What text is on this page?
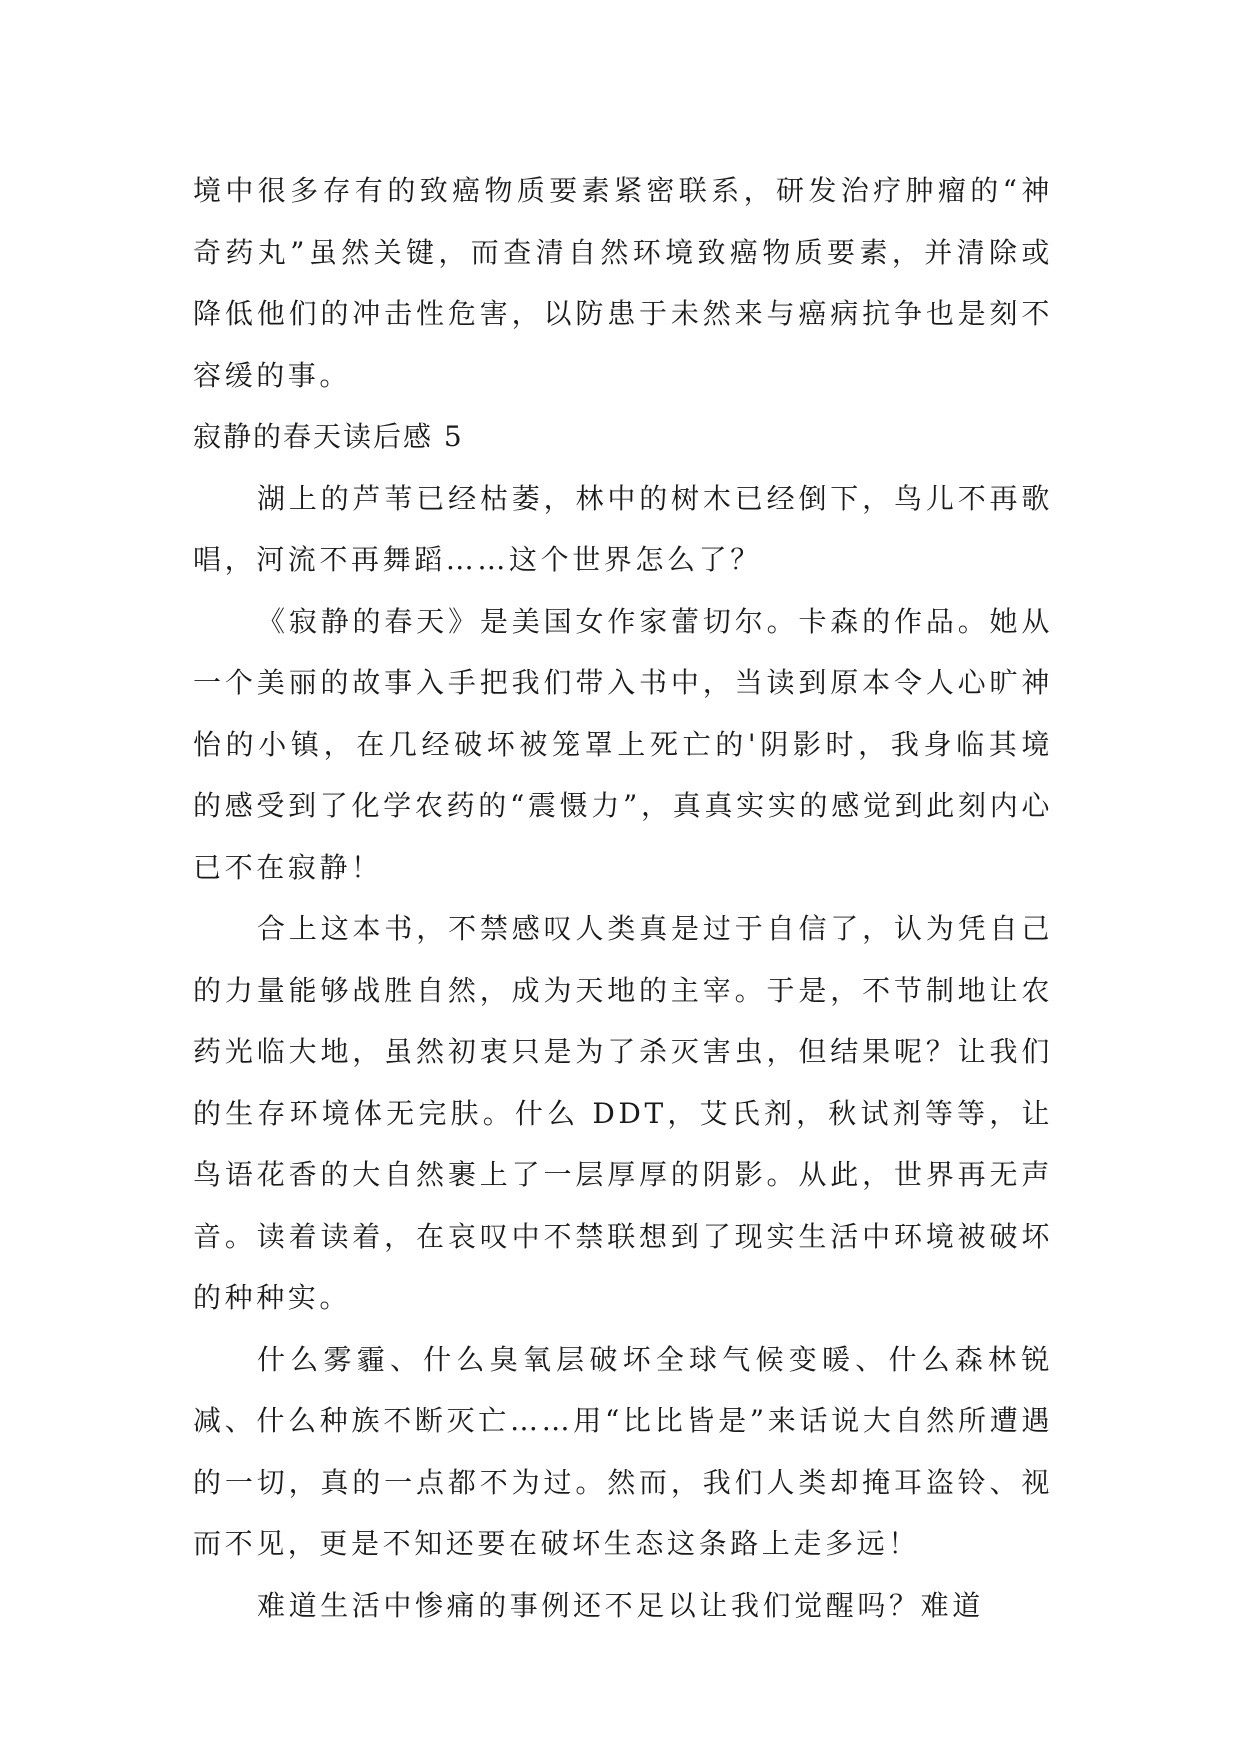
境中很多存有的致癌物质要素紧密联系，研发治疗肿瘤的“神奇药丸”虽然关键，而查清自然环境致癌物质要素，并清除或降低他们的冲击性危害，以防患于未然来与癌病抗争也是刻不容缓的事。

寂静的春天读后感 5

湖上的芦苇已经枯萎，林中的树木已经倒下，鸟儿不再歌唱，河流不再舞蹈……这个世界怎么了？

《寂静的春天》是美国女作家蕾切尔。卡森的作品。她从一个美丽的故事入手把我们带入书中，当读到原本令人心旷神怡的小镇，在几经破坏被笼罩上死亡的'阴影时，我身临其境的感受到了化学农药的“震慑力”，真真实实的感觉到此刻内心已不在寂静！

合上这本书，不禁感叹人类真是过于自信了，认为凭自己的力量能够战胜自然，成为天地的主宰。于是，不节制地让农药光临大地，虽然初衷只是为了杀灭害虫，但结果呢？让我们的生存环境体无完肤。什么 DDT，艾氏剂，秋试剂等等，让鸟语花香的大自然裹上了一层厚厚的阴影。从此，世界再无声音。读着读着，在哀叹中不禁联想到了现实生活中环境被破坏的种种实。

什么雾霾、什么臭氧层破坏全球气候变暖、什么森林锐减、什么种族不断灭亡……用“比比皆是”来话说大自然所遭遇的一切，真的一点都不为过。然而，我们人类却掩耳盗铃、视而不见，更是不知还要在破坏生态这条路上走多远！

难道生活中惨痛的事例还不足以让我们觉醒吗？难道
